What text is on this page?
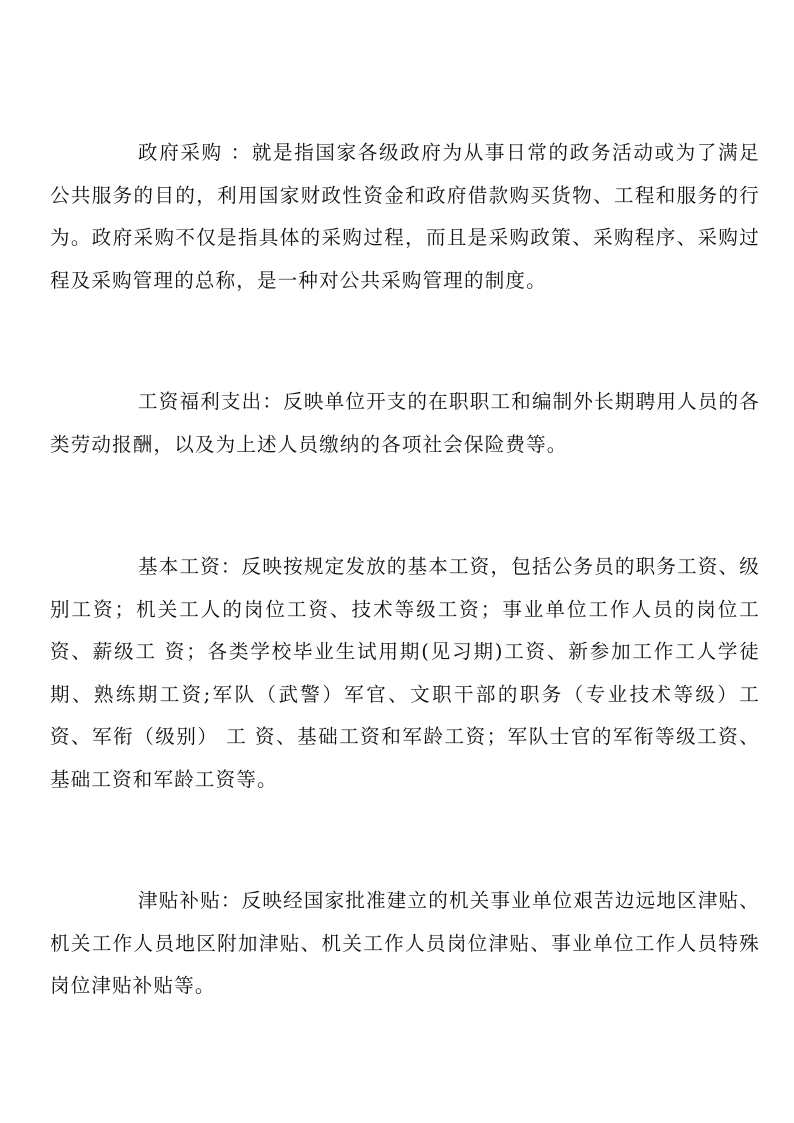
政府采购 ：就是指国家各级政府为从事日常的政务活动或为了满足公共服务的目的，利用国家财政性资金和政府借款购买货物、工程和服务的行为。政府采购不仅是指具体的采购过程，而且是采购政策、采购程序、采购过程及采购管理的总称，是一种对公共采购管理的制度。

工资福利支出：反映单位开支的在职职工和编制外长期聘用人员的各类劳动报酬，以及为上述人员缴纳的各项社会保险费等。

基本工资：反映按规定发放的基本工资，包括公务员的职务工资、级别工资；机关工人的岗位工资、技术等级工资；事业单位工作人员的岗位工资、薪级工 资；各类学校毕业生试用期(见习期)工资、新参加工作工人学徒期、熟练期工资;军队（武警）军官、文职干部的职务（专业技术等级）工资、军衔（级别） 工 资、基础工资和军龄工资；军队士官的军衔等级工资、基础工资和军龄工资等。

津贴补贴：反映经国家批准建立的机关事业单位艰苦边远地区津贴、机关工作人员地区附加津贴、机关工作人员岗位津贴、事业单位工作人员特殊岗位津贴补贴等。
